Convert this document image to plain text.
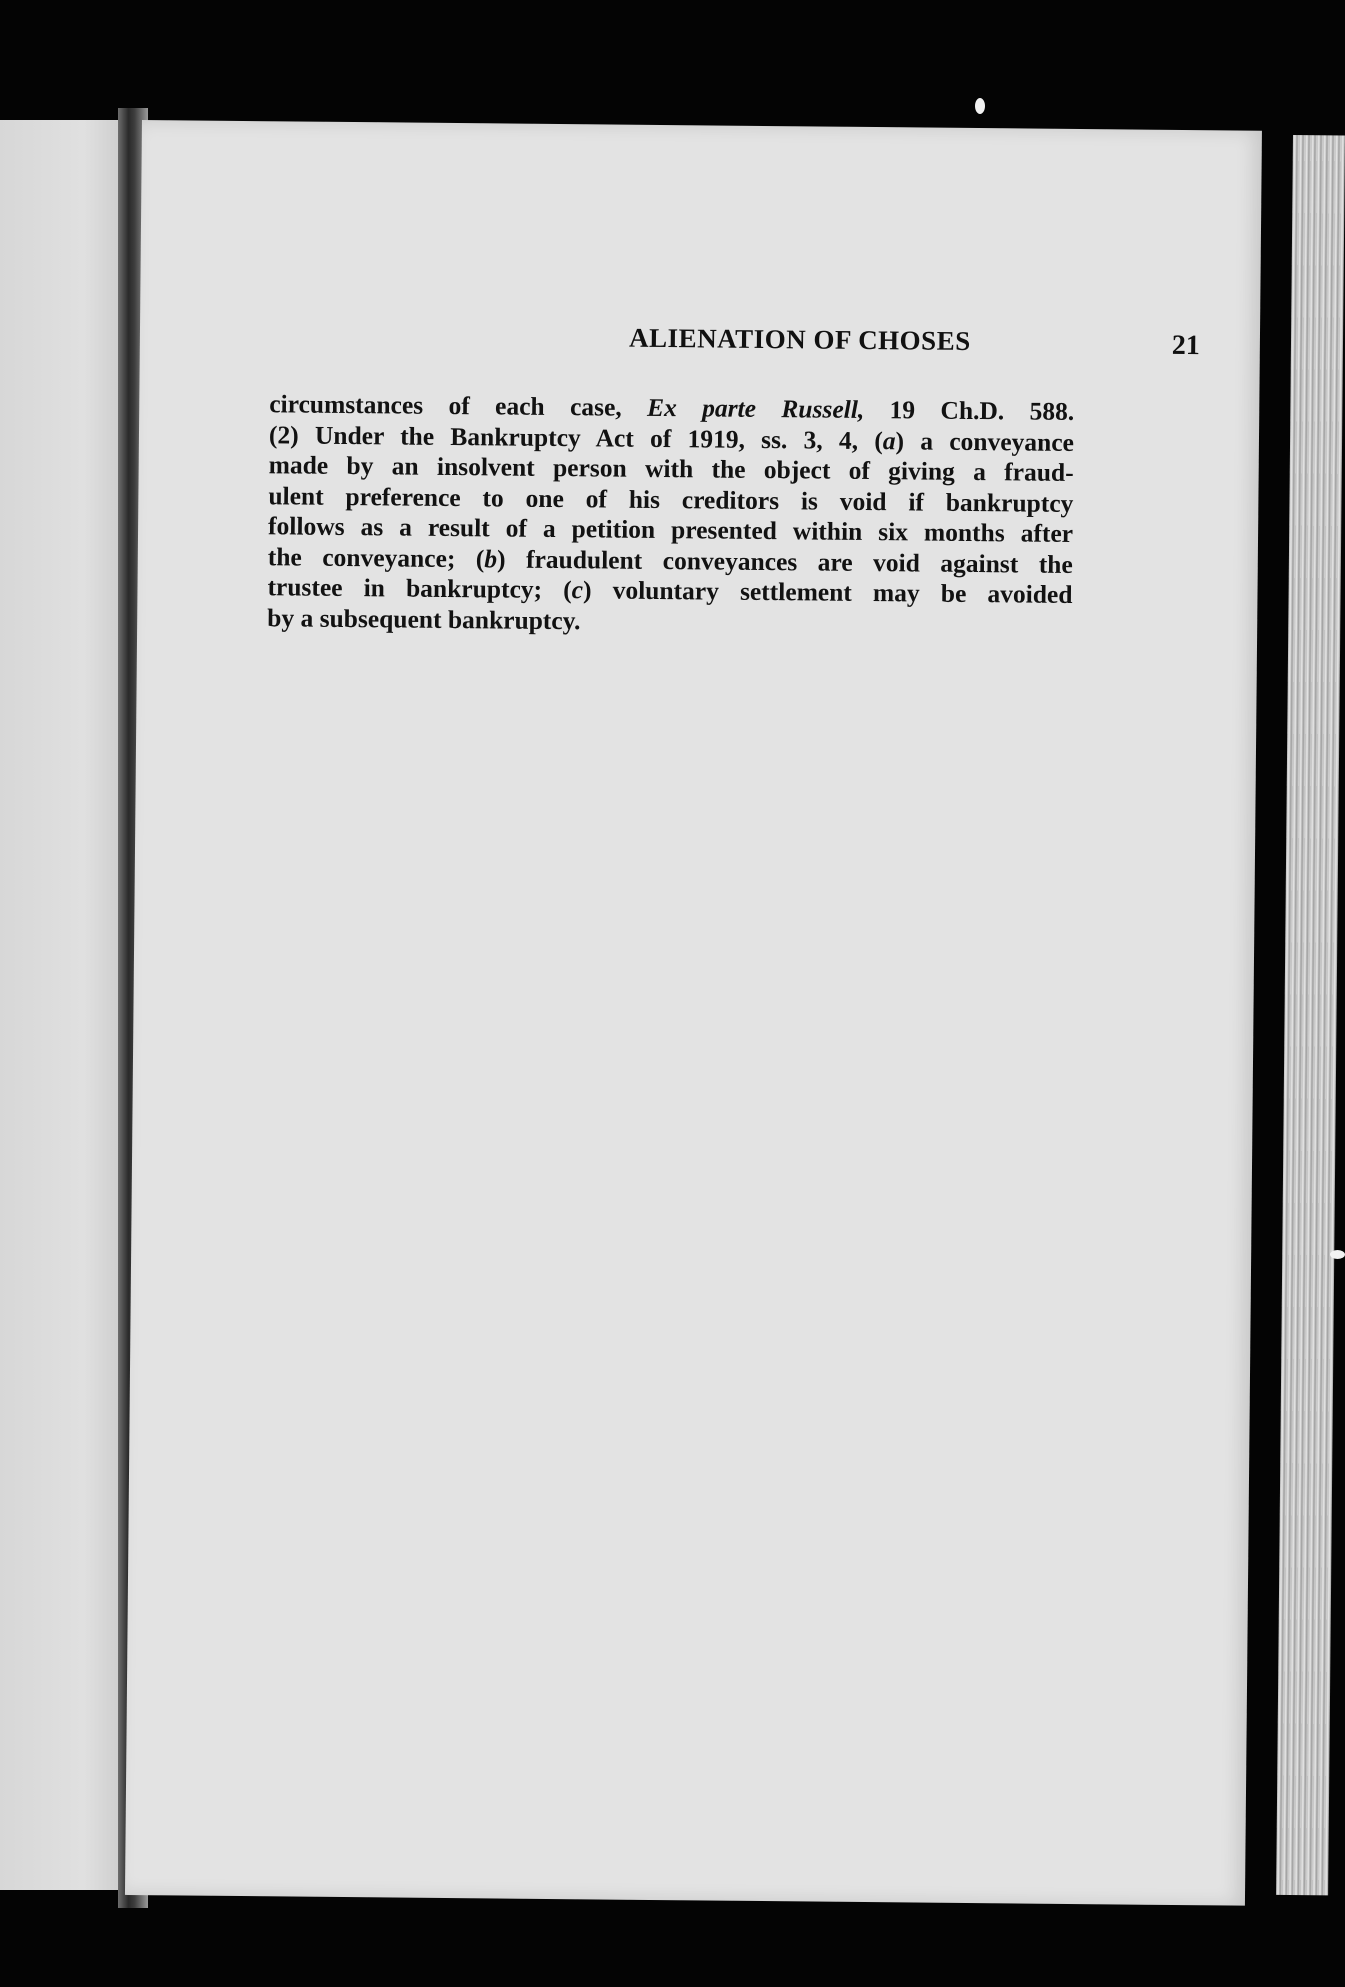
ALIENATION OF CHOSES	21
circumstances of each case, Ex parte Russell, 19 Ch.D. 588.
(2) Under the Bankruptcy Act of 1919, ss. 3, 4, (a) a conveyance
made by an insolvent person with the object of giving a fraud-
ulent preference to one of his creditors is void if bankruptcy
follows as a result of a petition presented within six months after
the conveyance; (b) fraudulent conveyances are void against the
trustee in bankruptcy; (c) voluntary settlement may be avoided
by a subsequent bankruptcy.
